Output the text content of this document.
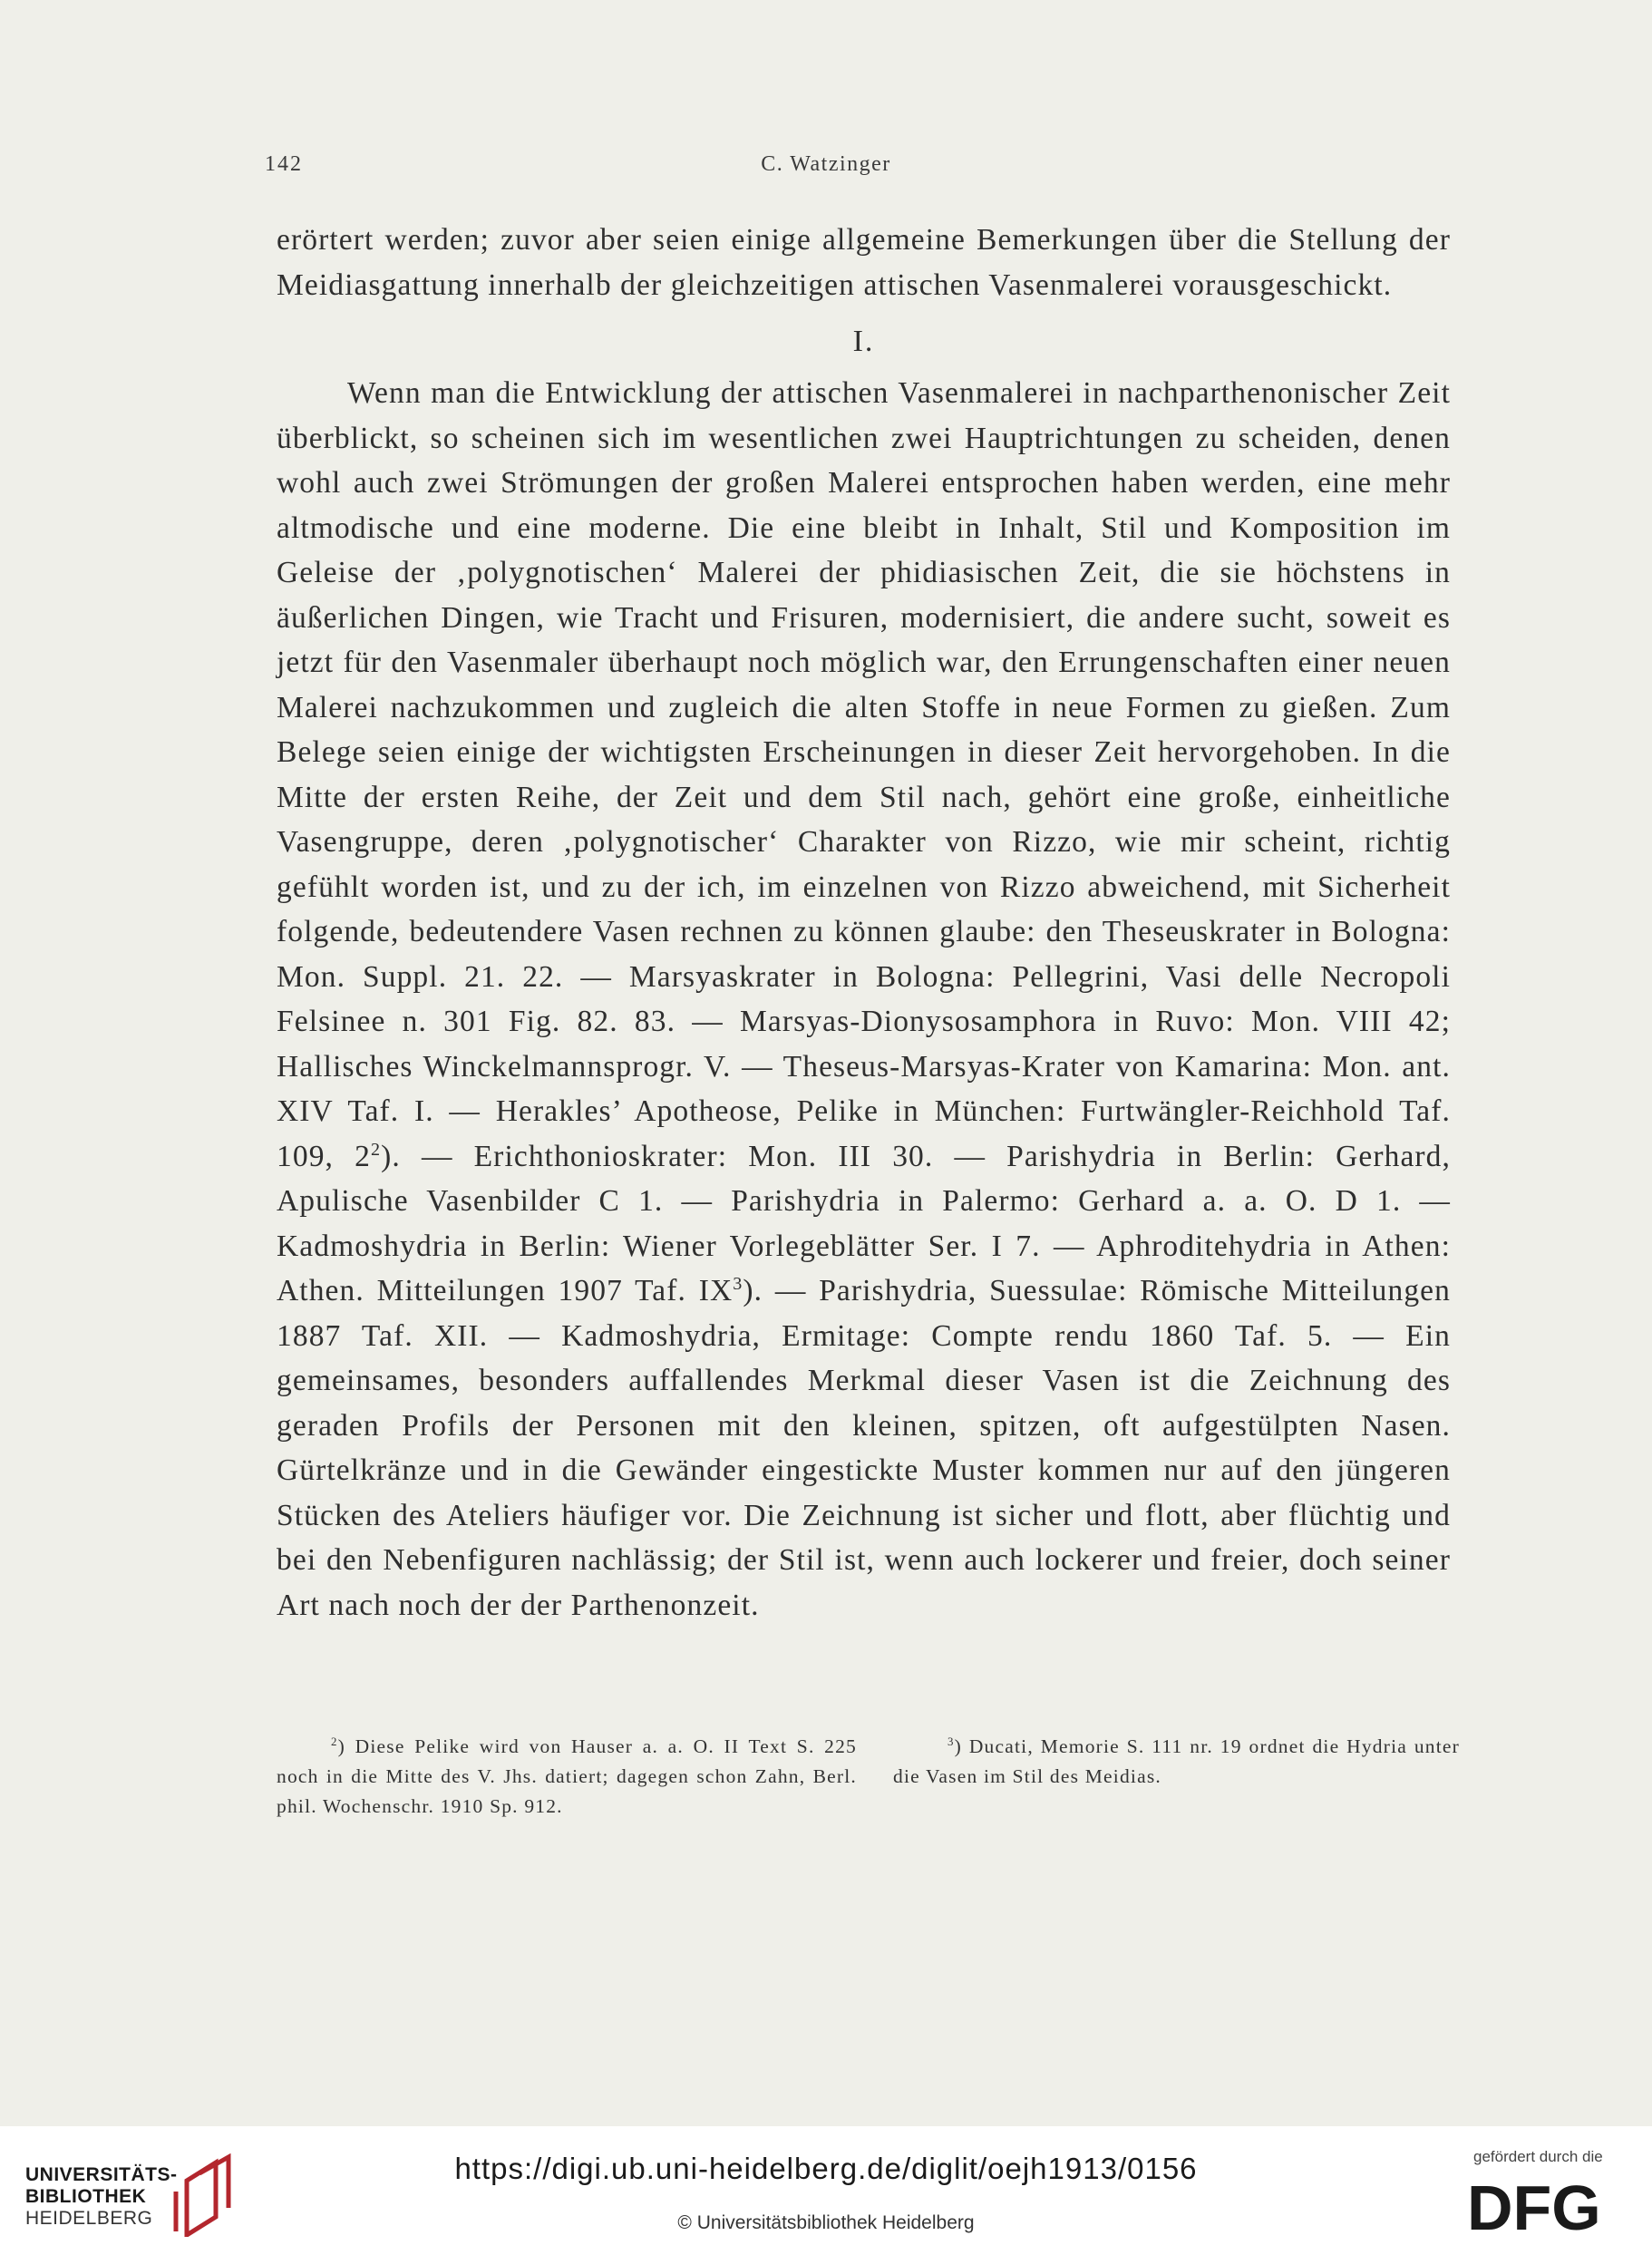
142	C. Watzinger

erörtert werden; zuvor aber seien einige allgemeine Bemerkungen über die Stellung der Meidiasgattung innerhalb der gleichzeitigen attischen Vasenmalerei vorausgeschickt.

I.

Wenn man die Entwicklung der attischen Vasenmalerei in nachparthenonischer Zeit überblickt, so scheinen sich im wesentlichen zwei Hauptrichtungen zu scheiden, denen wohl auch zwei Strömungen der großen Malerei entsprochen haben werden, eine mehr altmodische und eine moderne. Die eine bleibt in Inhalt, Stil und Komposition im Geleise der ‚polygnotischen‘ Malerei der phidiasischen Zeit, die sie höchstens in äußerlichen Dingen, wie Tracht und Frisuren, modernisiert, die andere sucht, soweit es jetzt für den Vasenmaler überhaupt noch möglich war, den Errungenschaften einer neuen Malerei nachzukommen und zugleich die alten Stoffe in neue Formen zu gießen. Zum Belege seien einige der wichtigsten Erscheinungen in dieser Zeit hervorgehoben. In die Mitte der ersten Reihe, der Zeit und dem Stil nach, gehört eine große, einheitliche Vasengruppe, deren ‚polygnotischer‘ Charakter von Rizzo, wie mir scheint, richtig gefühlt worden ist, und zu der ich, im einzelnen von Rizzo abweichend, mit Sicherheit folgende, bedeutendere Vasen rechnen zu können glaube: den Theseuskrater in Bologna: Mon. Suppl. 21. 22. — Marsyaskrater in Bologna: Pellegrini, Vasi delle Necropoli Felsinee n. 301 Fig. 82. 83. — Marsyas-Dionysosamphora in Ruvo: Mon. VIII 42; Hallisches Winckelmannsprogr. V. — Theseus-Marsyas-Krater von Kamarina: Mon. ant. XIV Taf. I. — Herakles’ Apotheose, Pelike in München: Furtwängler-Reichhold Taf. 109, $2^2$). — Erichthonioskrater: Mon. III 30. — Parishydria in Berlin: Gerhard, Apulische Vasenbilder C 1. — Parishydria in Palermo: Gerhard a. a. O. D 1. — Kadmoshydria in Berlin: Wiener Vorlegeblätter Ser. I 7. — Aphroditehydria in Athen: Athen. Mitteilungen 1907 Taf. $IX^3$). — Parishydria, Suessulae: Römische Mitteilungen 1887 Taf. XII. — Kadmoshydria, Ermitage: Compte rendu 1860 Taf. 5. — Ein gemeinsames, besonders auffallendes Merkmal dieser Vasen ist die Zeichnung des geraden Profils der Personen mit den kleinen, spitzen, oft aufgestülpten Nasen. Gürtelkränze und in die Gewänder eingestickte Muster kommen nur auf den jüngeren Stücken des Ateliers häufiger vor. Die Zeichnung ist sicher und flott, aber flüchtig und bei den Nebenfiguren nachlässig; der Stil ist, wenn auch lockerer und freier, doch seiner Art nach noch der der Parthenonzeit.

$^2$) Diese Pelike wird von Hauser a. a. O. II Text S. 225 noch in die Mitte des V. Jhs. datiert; dagegen schon Zahn, Berl. phil. Wochenschr. 1910 Sp. 912.
$^3$) Ducati, Memorie S. 111 nr. 19 ordnet die Hydria unter die Vasen im Stil des Meidias.
UNIVERSITÄTS-
BIBLIOTHEK
HEIDELBERG
https://digi.ub.uni-heidelberg.de/diglit/oejh1913/0156
© Universitätsbibliothek Heidelberg
gefördert durch die
DFG
